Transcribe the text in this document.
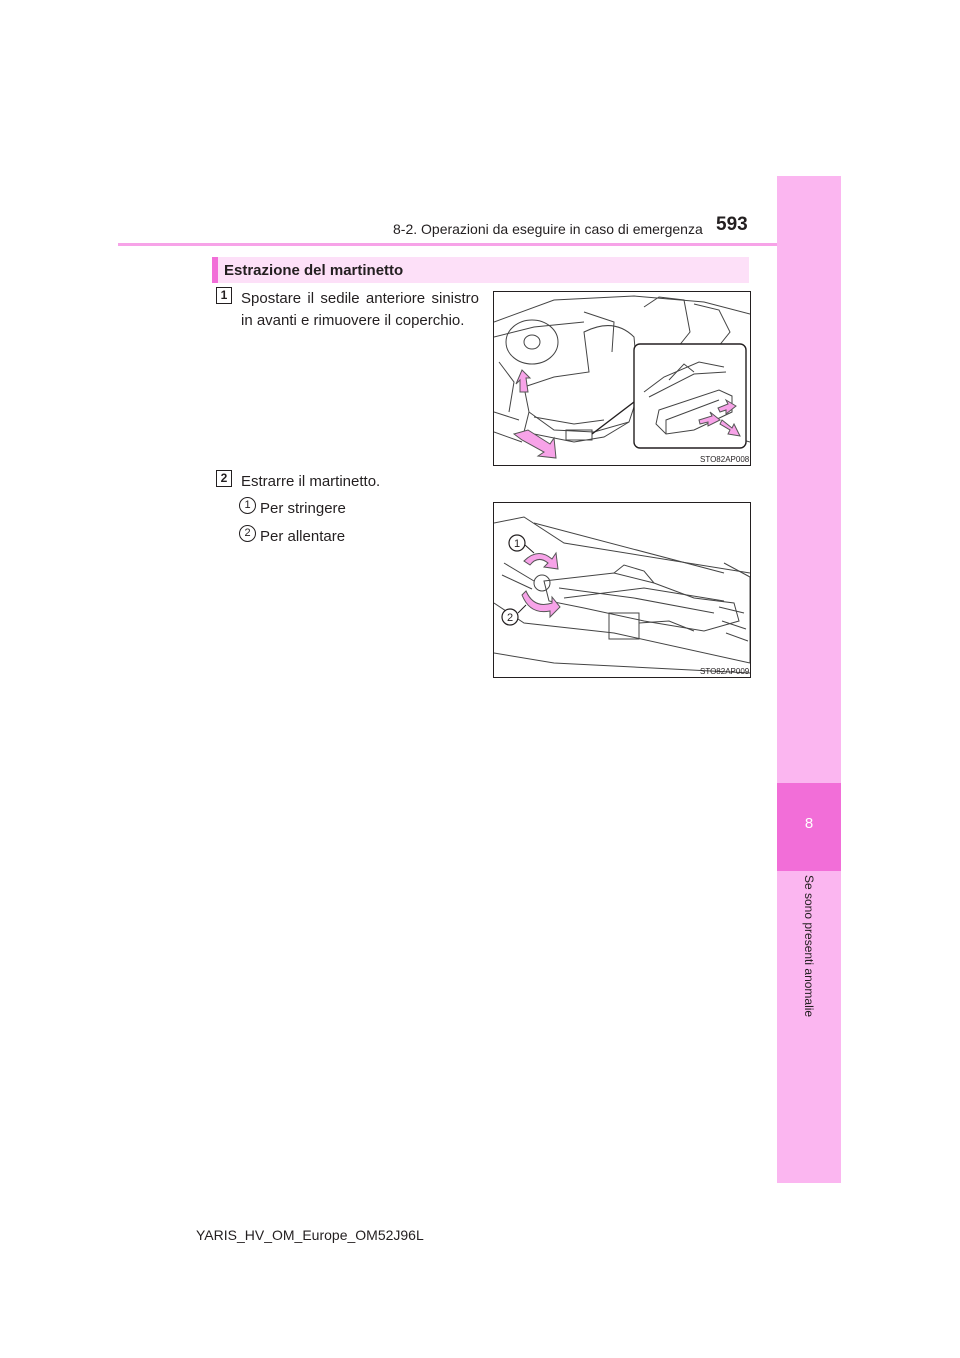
8
Se sono presenti anomalie
8-2. Operazioni da eseguire in caso di emergenza 593
Estrazione del martinetto
1 Spostare il sedile anteriore sinistro in avanti e rimuovere il coperchio.
STO82AP008
2 Estrarre il martinetto.
1 Per stringere
2 Per allentare	1
2
STO82AP009
YARIS_HV_OM_Europe_OM52J96L
